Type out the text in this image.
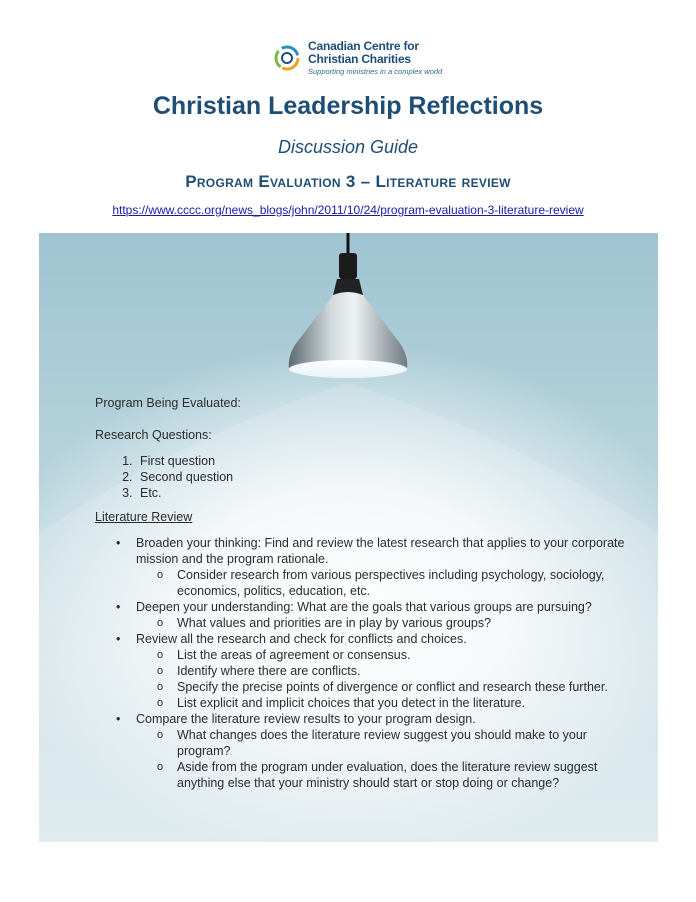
Canadian Centre for
Christian Charities
Supporting ministries in a complex world
Christian Leadership Reflections
Discussion Guide
Program Evaluation 3 – Literature review
https://www.cccc.org/news_blogs/john/2011/10/24/program-evaluation-3-literature-review

Program Being Evaluated:

Research Questions:

1. First question
2. Second question
3. Etc.

Literature Review

• Broaden your thinking: Find and review the latest research that applies to your corporate mission and the program rationale.
o Consider research from various perspectives including psychology, sociology, economics, politics, education, etc.
• Deepen your understanding: What are the goals that various groups are pursuing?
o What values and priorities are in play by various groups?
• Review all the research and check for conflicts and choices.
o List the areas of agreement or consensus.
o Identify where there are conflicts.
o Specify the precise points of divergence or conflict and research these further.
o List explicit and implicit choices that you detect in the literature.
• Compare the literature review results to your program design.
o What changes does the literature review suggest you should make to your program?
o Aside from the program under evaluation, does the literature review suggest anything else that your ministry should start or stop doing or change?
